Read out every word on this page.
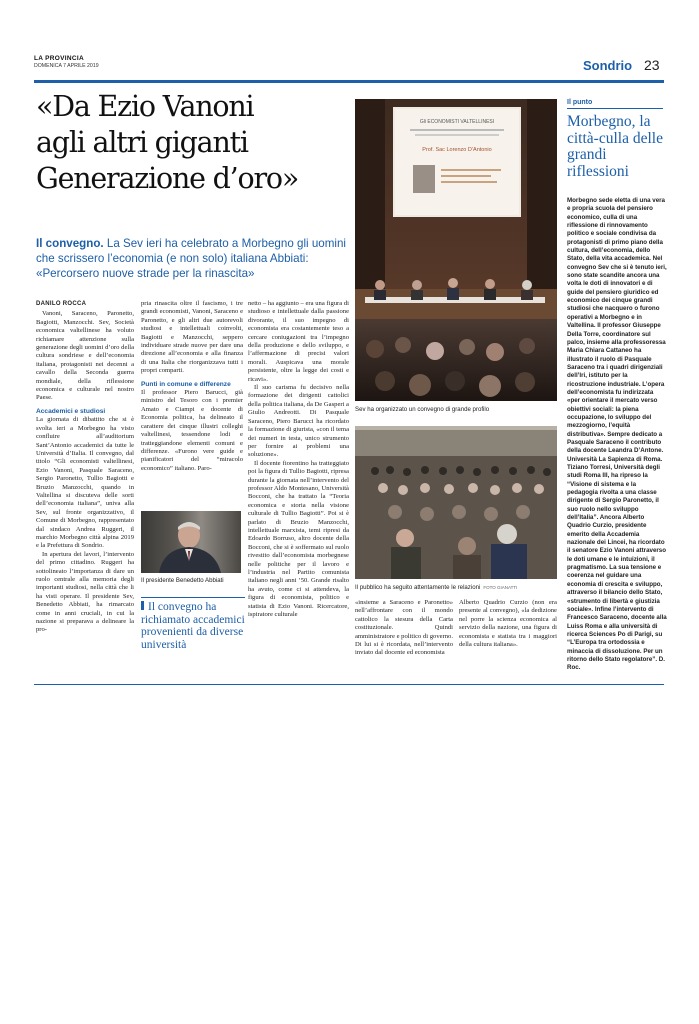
LA PROVINCIA
DOMENICA 7 APRILE 2019	Sondrio 23
«Da Ezio Vanoni
agli altri giganti
Generazione d’oro»
Il convegno. La Sev ieri ha celebrato a Morbegno gli uomini che scrissero l’economia (e non solo) italiana Abbiati: «Percorsero nuove strade per la rinascita»

DANILO ROCCA

Vanoni, Saraceno, Paronetto, Bagiotti, Manzocchi. Sev, Società economica valtellinese ha voluto richiamare attenzione sulla generazione degli uomini d’oro della cultura sondriese e dell’economia italiana, protagonisti nei decenni a cavallo della Seconda guerra mondiale, della riflessione economica e culturale nel nostro Paese.

Accademici e studiosi

La giornata di dibattito che si è svolta ieri a Morbegno ha visto confluire all’auditorium Sant’Antonio accademici da tutte le Università d’Italia. Il convegno, dal titolo “Gli economisti valtellinesi, Ezio Vanoni, Pasquale Saraceno, Sergio Paronetto, Tullio Bagiotti e Bruzio Manzocchi, quando in Valtellina si discuteva delle sorti dell’economia italiana”, univa alla Sev, sul fronte organizzativo, il Comune di Morbegno, rappresentato dal sindaco Andrea Ruggeri, il marchio Morbegno città alpina 2019 e la Prefettura di Sondrio.

In apertura dei lavori, l’intervento del primo cittadino. Ruggeri ha sottolineato l’importanza di dare un ruolo centrale alla memoria degli importanti studiosi, nella città che li ha visti operare. Il presidente Sev, Benedetto Abbiati, ha rimarcato come in anni cruciali, in cui la nazione si preparava a delineare la pro-

pria rinascita oltre il fascismo, i tre grandi economisti, Vanoni, Saraceno e Paronetto, e gli altri due autorevoli studiosi e intellettuali coinvolti, Bagiotti e Manzocchi, seppero individuare strade nuove per dare una direzione all’economia e alla finanza di una Italia che riorganizzava tutti i propri comparti.

Punti in comune e differenze

Il professor Piero Barucci, già ministro del Tesoro con i premier Amato e Ciampi e docente di Economia politica, ha delineato il carattere dei cinque illustri colleghi valtellinesi, tessendone lodi e tratteggiandone elementi comuni e differenze. «Furono vere guide e pianificatori del “miracolo economico” italiano. Paro-

Il presidente Benedetto Abbiati
Il convegno ha richiamato accademici provenienti da diverse università

netto – ha aggiunto – era una figura di studioso e intellettuale dalla passione divorante, il suo impegno di economista era costantemente teso a cercare coniugazioni tra l’impegno della produzione e dello sviluppo, e l’affermazione di precisi valori morali. Auspicava una morale persistente, oltre la legge dei costi e ricavi».

Il suo carisma fu decisivo nella formazione dei dirigenti cattolici della politica italiana, da De Gasperi a Giulio Andreotti. Di Pasquale Saraceno, Piero Barucci ha ricordato la formazione di giurista, «con il tema dei numeri in testa, unico strumento per fornire ai problemi una soluzione».

Il docente fiorentino ha tratteggiato poi la figura di Tullio Bagiotti, ripresa durante la giornata nell’intervento del professor Aldo Montesano, Università Bocconi, che ha trattato la “Teoria economica e storia nella visione culturale di Tullio Bagiotti”. Poi si è parlato di Bruzio Manzocchi, intellettuale marxista, temi ripresi da Edoardo Borruso, altro docente della Bocconi, che si è soffermato sul ruolo rivestito dall’economista morbegnese nelle politiche per il lavoro e l’industria nel Partito comunista italiano negli anni ’50. Grande risalto ha avuto, come ci si attendeva, la figura di economista, politico e statista di Ezio Vanoni. Ricercatore, ispiratore culturale

Gli ECONOMISTI VALTELLINESI
Prof. Sac Lorenzo D’Antonio
Sev ha organizzato un convegno di grande profilo
Il pubblico ha seguito attentamente le relazioni FOTO GIANATTI

«insieme a Saraceno e Paronetto» nell’affrontare con il mondo cattolico la stesura della Carta costituzionale. Quindi amministratore e politico di governo. Di lui si è ricordata, nell’intervento inviato dal docente ed economista

Alberto Quadrio Curzio (non era presente al convegno), «la dedizione nel porre la scienza economica al servizio della nazione, una figura di economista e statista tra i maggiori della cultura italiana».

Il punto
Morbegno, la città-culla delle grandi riflessioni

Morbegno sede eletta di una vera e propria scuola del pensiero economico, culla di una riflessione di rinnovamento politico e sociale condivisa da protagonisti di primo piano della cultura, dell’economia, dello Stato, della vita accademica. Nel convegno Sev che si è tenuto ieri, sono state scandite ancora una volta le doti di innovatori e di guide del pensiero giuridico ed economico dei cinque grandi studiosi che nacquero o furono operativi a Morbegno e in Valtellina. Il professor Giuseppe Della Torre, coordinatore sul palco, insieme alla professoressa Maria Chiara Cattaneo ha illustrato il ruolo di Pasquale Saraceno tra i quadri dirigenziali dell’Iri, istituto per la ricostruzione industriale. L’opera dell’economista fu indirizzata «per orientare il mercato verso obiettivi sociali: la piena occupazione, lo sviluppo del mezzogiorno, l’equità distributiva». Sempre dedicato a Pasquale Saraceno il contributo della docente Leandra D’Antone. Università La Sapienza di Roma. Tiziano Torresi, Università degli studi Roma III, ha ripreso la “Visione di sistema e la pedagogia rivolta a una classe dirigente di Sergio Paronetto, il suo ruolo nello sviluppo dell’Italia”. Ancora Alberto Quadrio Curzio, presidente emerito della Accademia nazionale dei Lincei, ha ricordato il senatore Ezio Vanoni attraverso le doti umane e le intuizioni, il pragmatismo. La sua tensione e coerenza nel guidare una economia di crescita e sviluppo, attraverso il bilancio dello Stato, «strumento di libertà e giustizia sociale». Infine l’intervento di Francesco Saraceno, docente alla Luiss Roma e alla università di ricerca Sciences Po di Parigi, su “L’Europa tra ortodossia e minaccia di dissoluzione. Per un ritorno dello Stato regolatore”. D. Roc.
